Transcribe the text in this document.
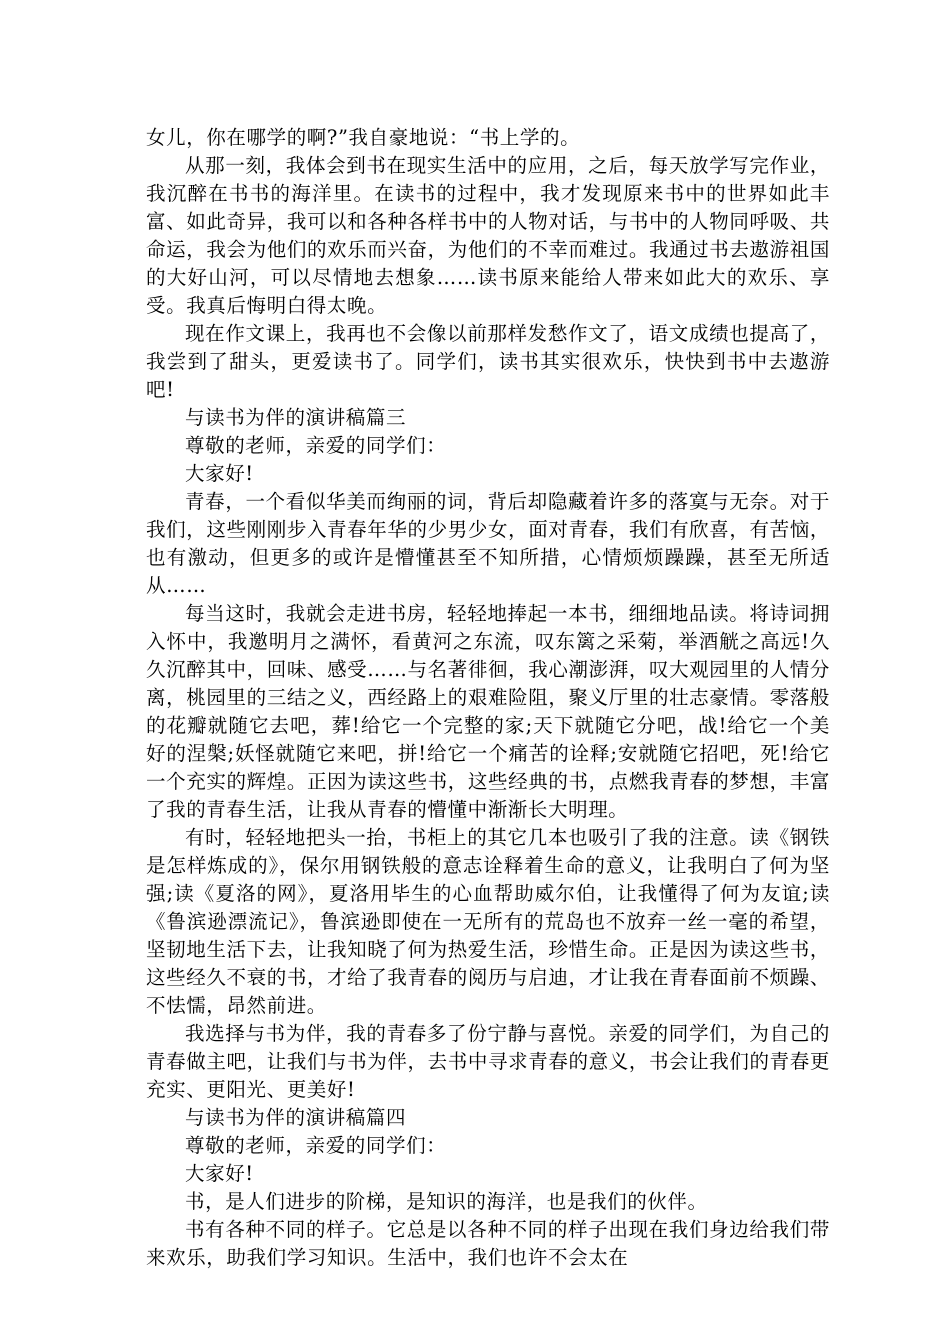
女儿，你在哪学的啊?”我自豪地说：“书上学的。

从那一刻，我体会到书在现实生活中的应用，之后，每天放学写完作业，我沉醉在书书的海洋里。在读书的过程中，我才发现原来书中的世界如此丰富、如此奇异，我可以和各种各样书中的人物对话，与书中的人物同呼吸、共命运，我会为他们的欢乐而兴奋，为他们的不幸而难过。我通过书去遨游祖国的大好山河，可以尽情地去想象……读书原来能给人带来如此大的欢乐、享受。我真后悔明白得太晚。

现在作文课上，我再也不会像以前那样发愁作文了，语文成绩也提高了，我尝到了甜头，更爱读书了。同学们，读书其实很欢乐，快快到书中去遨游吧!

与读书为伴的演讲稿篇三

尊敬的老师，亲爱的同学们：

大家好!

青春，一个看似华美而绚丽的词，背后却隐藏着许多的落寞与无奈。对于我们，这些刚刚步入青春年华的少男少女，面对青春，我们有欣喜，有苦恼，也有激动，但更多的或许是懵懂甚至不知所措，心情烦烦躁躁，甚至无所适从……

每当这时，我就会走进书房，轻轻地捧起一本书，细细地品读。将诗词拥入怀中，我邀明月之满怀，看黄河之东流，叹东篱之采菊，举酒觥之高远!久久沉醉其中，回味、感受……与名著徘徊，我心潮澎湃，叹大观园里的人情分离，桃园里的三结之义，西经路上的艰难险阻，聚义厅里的壮志豪情。零落般的花瓣就随它去吧，葬!给它一个完整的家;天下就随它分吧，战!给它一个美好的涅槃;妖怪就随它来吧，拼!给它一个痛苦的诠释;安就随它招吧，死!给它一个充实的辉煌。正因为读这些书，这些经典的书，点燃我青春的梦想，丰富了我的青春生活，让我从青春的懵懂中渐渐长大明理。

有时，轻轻地把头一抬，书柜上的其它几本也吸引了我的注意。读《钢铁是怎样炼成的》，保尔用钢铁般的意志诠释着生命的意义，让我明白了何为坚强;读《夏洛的网》，夏洛用毕生的心血帮助威尔伯，让我懂得了何为友谊;读《鲁滨逊漂流记》，鲁滨逊即使在一无所有的荒岛也不放弃一丝一毫的希望，坚韧地生活下去，让我知晓了何为热爱生活，珍惜生命。正是因为读这些书，这些经久不衰的书，才给了我青春的阅历与启迪，才让我在青春面前不烦躁、不怯懦，昂然前进。

我选择与书为伴，我的青春多了份宁静与喜悦。亲爱的同学们，为自己的青春做主吧，让我们与书为伴，去书中寻求青春的意义，书会让我们的青春更充实、更阳光、更美好!

与读书为伴的演讲稿篇四

尊敬的老师，亲爱的同学们：

大家好!

书，是人们进步的阶梯，是知识的海洋，也是我们的伙伴。

书有各种不同的样子。它总是以各种不同的样子出现在我们身边给我们带来欢乐，助我们学习知识。生活中，我们也许不会太在
